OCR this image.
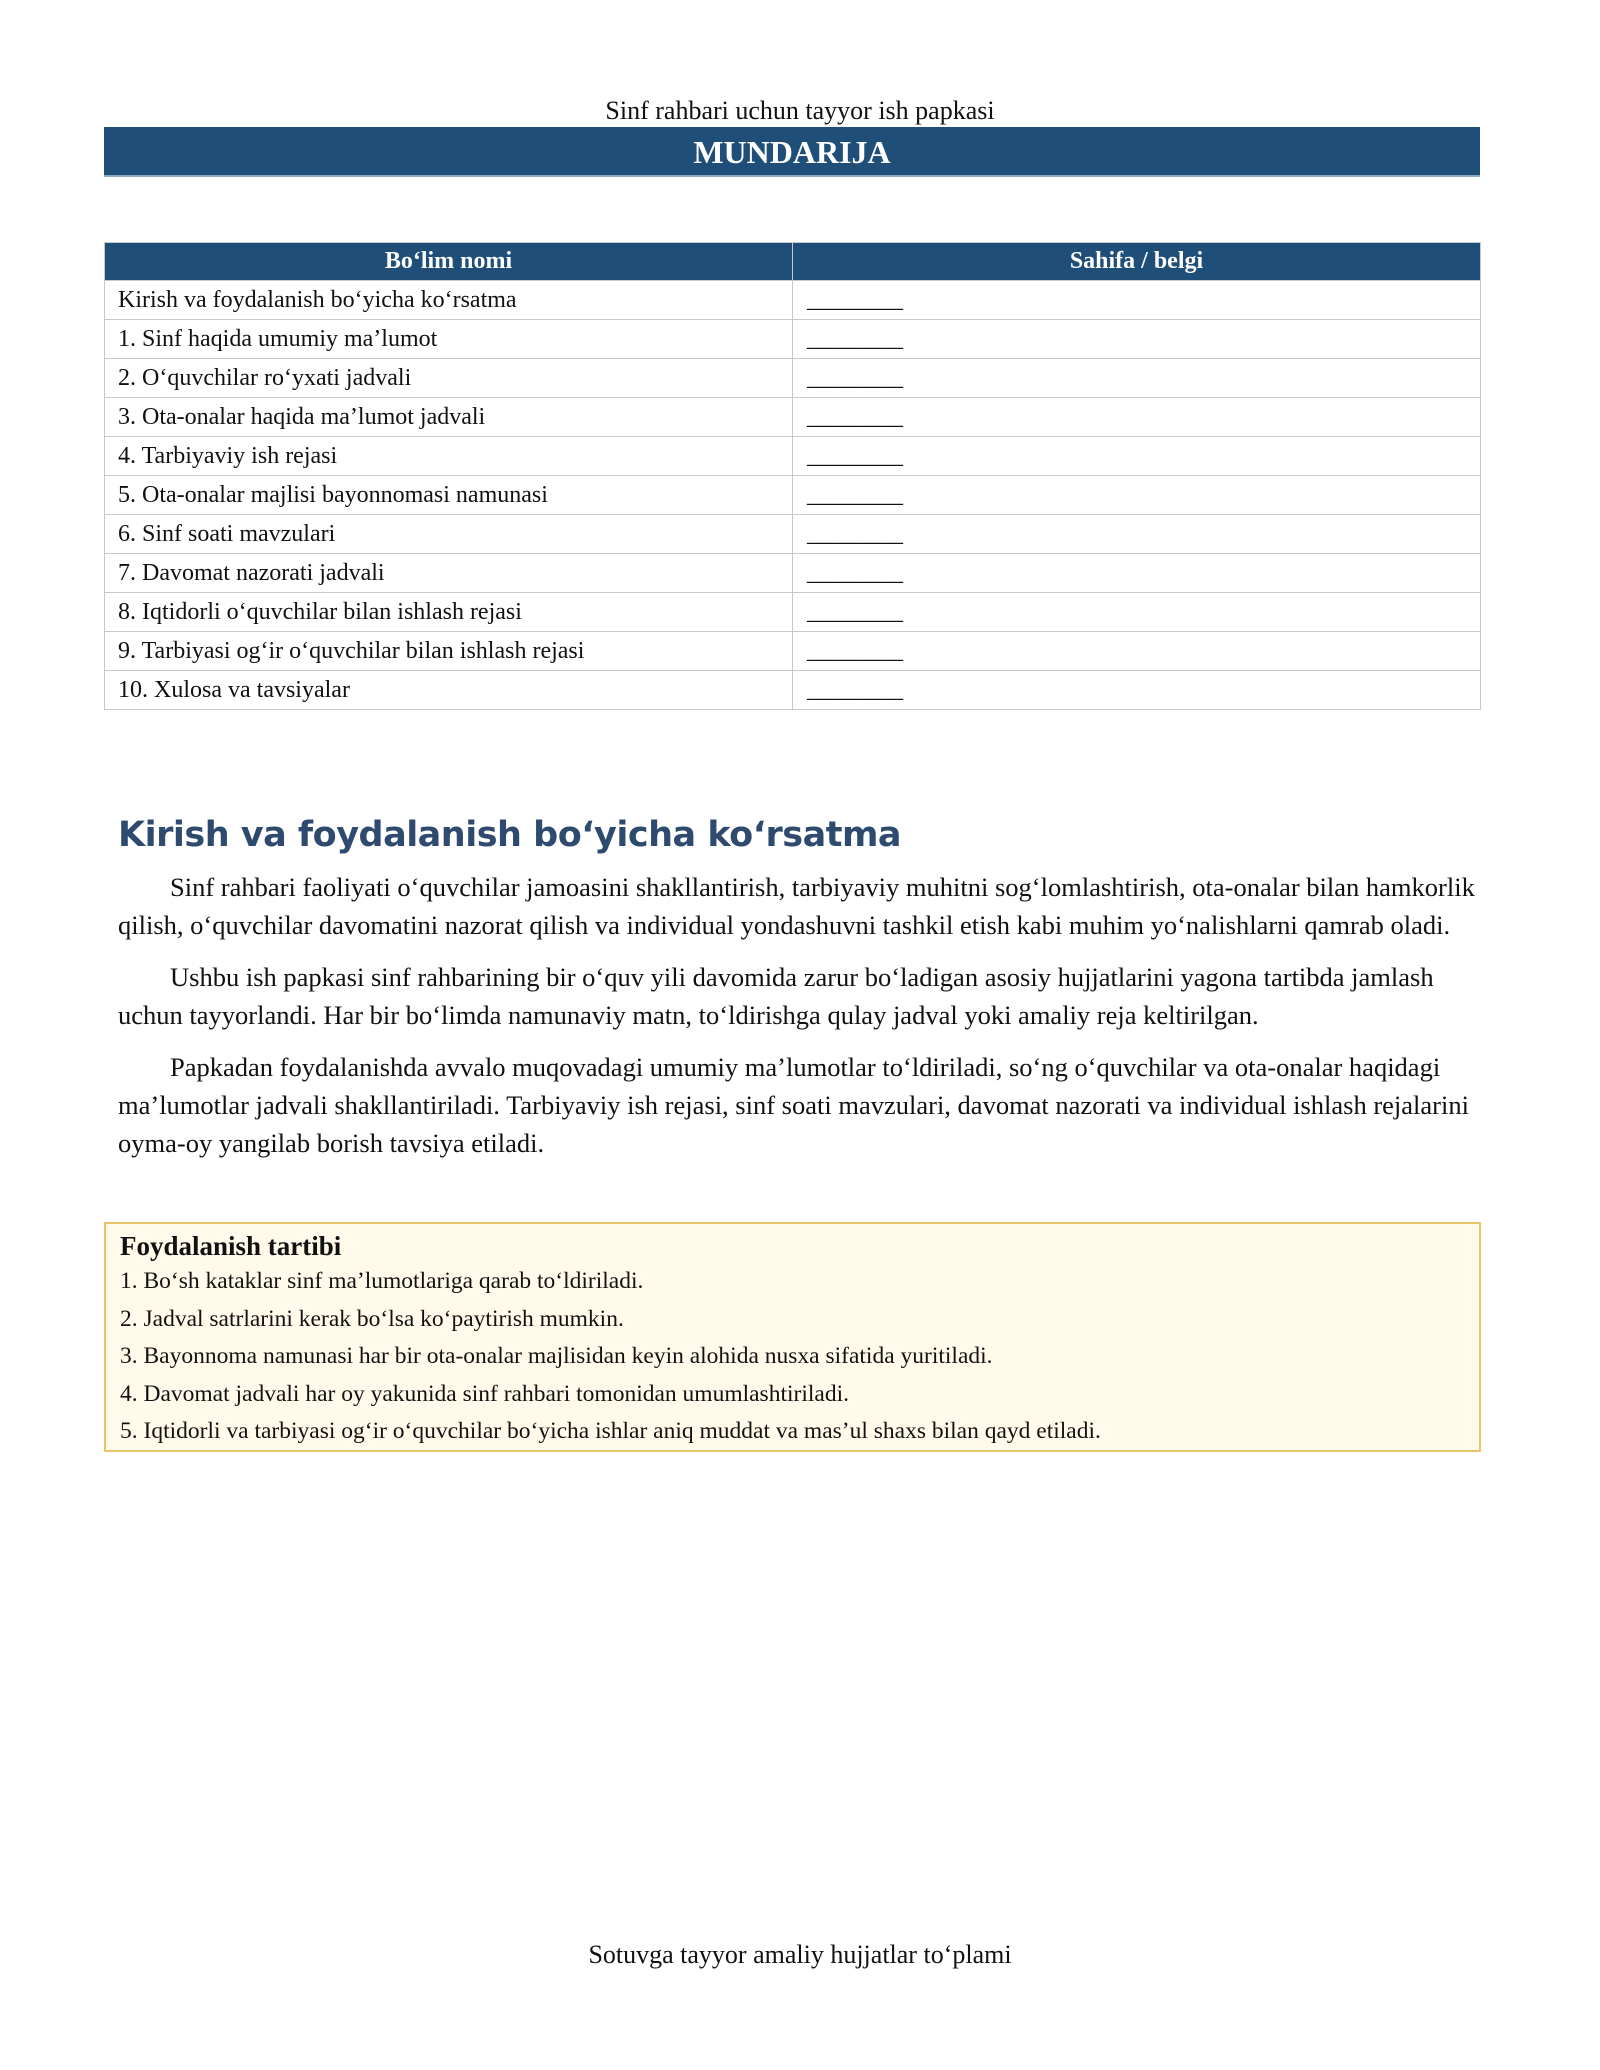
Sinf rahbari uchun tayyor ish papkasi
MUNDARIJA
Bo‘lim nomi	Sahifa / belgi
Kirish va foydalanish bo‘yicha ko‘rsatma	________
1. Sinf haqida umumiy ma’lumot	________
2. O‘quvchilar ro‘yxati jadvali	________
3. Ota-onalar haqida ma’lumot jadvali	________
4. Tarbiyaviy ish rejasi	________
5. Ota-onalar majlisi bayonnomasi namunasi	________
6. Sinf soati mavzulari	________
7. Davomat nazorati jadvali	________
8. Iqtidorli o‘quvchilar bilan ishlash rejasi	________
9. Tarbiyasi og‘ir o‘quvchilar bilan ishlash rejasi	________
10. Xulosa va tavsiyalar	________
Kirish va foydalanish bo‘yicha ko‘rsatma

Sinf rahbari faoliyati o‘quvchilar jamoasini shakllantirish, tarbiyaviy muhitni sog‘lomlashtirish, ota-onalar bilan hamkorlik qilish, o‘quvchilar davomatini nazorat qilish va individual yondashuvni tashkil etish kabi muhim yo‘nalishlarni qamrab oladi.

Ushbu ish papkasi sinf rahbarining bir o‘quv yili davomida zarur bo‘ladigan asosiy hujjatlarini yagona tartibda jamlash uchun tayyorlandi. Har bir bo‘limda namunaviy matn, to‘ldirishga qulay jadval yoki amaliy reja keltirilgan.

Papkadan foydalanishda avvalo muqovadagi umumiy ma’lumotlar to‘ldiriladi, so‘ng o‘quvchilar va ota-onalar haqidagi ma’lumotlar jadvali shakllantiriladi. Tarbiyaviy ish rejasi, sinf soati mavzulari, davomat nazorati va individual ishlash rejalarini oyma-oy yangilab borish tavsiya etiladi.

Foydalanish tartibi
1. Bo‘sh kataklar sinf ma’lumotlariga qarab to‘ldiriladi.
2. Jadval satrlarini kerak bo‘lsa ko‘paytirish mumkin.
3. Bayonnoma namunasi har bir ota-onalar majlisidan keyin alohida nusxa sifatida yuritiladi.
4. Davomat jadvali har oy yakunida sinf rahbari tomonidan umumlashtiriladi.
5. Iqtidorli va tarbiyasi og‘ir o‘quvchilar bo‘yicha ishlar aniq muddat va mas’ul shaxs bilan qayd etiladi.
Sotuvga tayyor amaliy hujjatlar to‘plami
